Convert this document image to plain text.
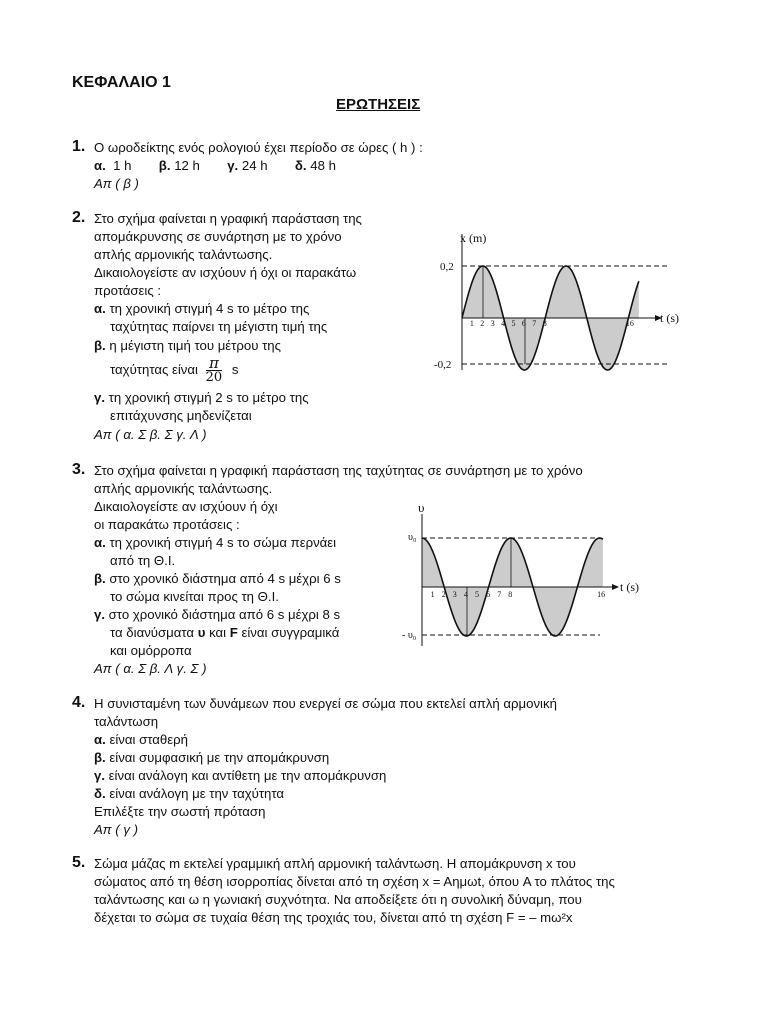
ΚΕΦΑΛΑΙΟ 1
ΕΡΩΤΗΣΕΙΣ
1. Ο ωροδείκτης ενός ρολογιού έχει περίοδο σε ώρες ( h ) :
α. 1 h β. 12 h γ. 24 h δ. 48 h
Απ ( β )
2. Στο σχήμα φαίνεται η γραφική παράσταση της
απομάκρυνσης σε συνάρτηση με το χρόνο
απλής αρμονικής ταλάντωσης.
Δικαιολογείστε αν ισχύουν ή όχι οι παρακάτω
προτάσεις :
α. τη χρονική στιγμή 4 s το μέτρο της
ταχύτητας παίρνει τη μέγιστη τιμή της
β. η μέγιστη τιμή του μέτρου της
ταχύτητας είναι $\frac{\pi}{20}$ s
γ. τη χρονική στιγμή 2 s το μέτρο της
επιτάχυνσης μηδενίζεται
Απ ( α. Σ β. Σ γ. Λ )
x (m)
0,2
-0,2
t (s)
1 2 3 4 5 6 7 8	16
3. Στο σχήμα φαίνεται η γραφική παράσταση της ταχύτητας σε συνάρτηση με το χρόνο
απλής αρμονικής ταλάντωσης.
Δικαιολογείστε αν ισχύουν ή όχι
οι παρακάτω προτάσεις :
α. τη χρονική στιγμή 4 s το σώμα περνάει
από τη Θ.Ι.
β. στο χρονικό διάστημα από 4 s μέχρι 6 s
το σώμα κινείται προς τη Θ.Ι.
γ. στο χρονικό διάστημα από 6 s μέχρι 8 s
τα διανύσματα υ και F είναι συγγραμικά
και ομόρροπα
Απ ( α. Σ β. Λ γ. Σ )
υ
υ₀
- υ₀
t (s)
1 2 3 4 5 6 7 8	16
4. Η συνισταμένη των δυνάμεων που ενεργεί σε σώμα που εκτελεί απλή αρμονική
ταλάντωση
α. είναι σταθερή
β. είναι συμφασική με την απομάκρυνση
γ. είναι ανάλογη και αντίθετη με την απομάκρυνση
δ. είναι ανάλογη με την ταχύτητα
Επιλέξτε την σωστή πρόταση
Απ ( γ )
5. Σώμα μάζας m εκτελεί γραμμική απλή αρμονική ταλάντωση. Η απομάκρυνση x του
σώματος από τη θέση ισορροπίας δίνεται από τη σχέση x = Aημωt, όπου A το πλάτος της
ταλάντωσης και ω η γωνιακή συχνότητα. Να αποδείξετε ότι η συνολική δύναμη, που
δέχεται το σώμα σε τυχαία θέση της τροχιάς του, δίνεται από τη σχέση F = – mω²x
